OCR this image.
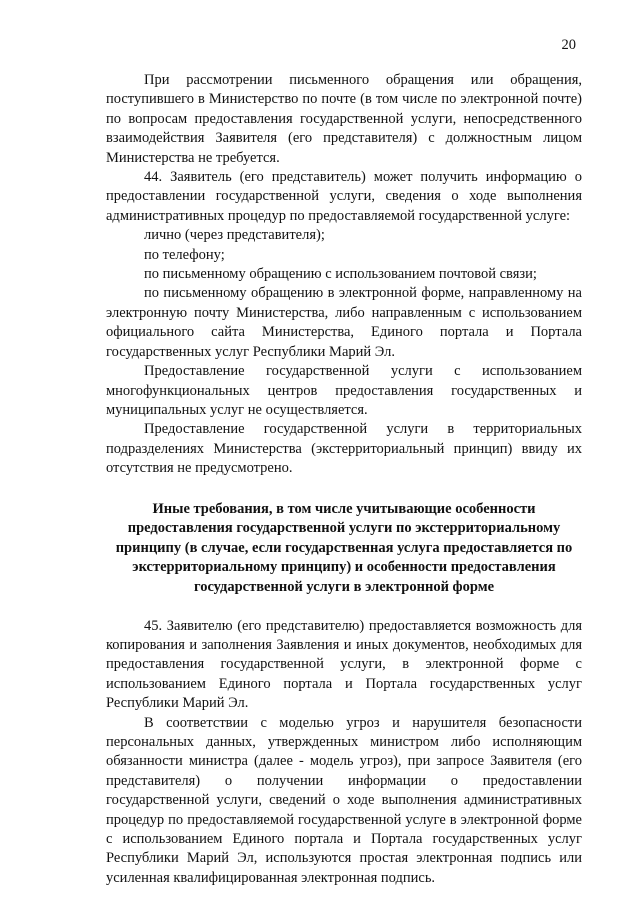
20

При рассмотрении письменного обращения или обращения, поступившего в Министерство по почте (в том числе по электронной почте) по вопросам предоставления государственной услуги, непосредственного взаимодействия Заявителя (его представителя) с должностным лицом Министерства не требуется.

44. Заявитель (его представитель) может получить информацию о предоставлении государственной услуги, сведения о ходе выполнения административных процедур по предоставляемой государственной услуге:

лично (через представителя);

по телефону;

по письменному обращению с использованием почтовой связи;

по письменному обращению в электронной форме, направленному на электронную почту Министерства, либо направленным с использованием официального сайта Министерства, Единого портала и Портала государственных услуг Республики Марий Эл.

Предоставление государственной услуги с использованием многофункциональных центров предоставления государственных и муниципальных услуг не осуществляется.

Предоставление государственной услуги в территориальных подразделениях Министерства (экстерриториальный принцип) ввиду их отсутствия не предусмотрено.

Иные требования, в том числе учитывающие особенности предоставления государственной услуги по экстерриториальному принципу (в случае, если государственная услуга предоставляется по экстерриториальному принципу) и особенности предоставления государственной услуги в электронной форме

45. Заявителю (его представителю) предоставляется возможность для копирования и заполнения Заявления и иных документов, необходимых для предоставления государственной услуги, в электронной форме с использованием Единого портала и Портала государственных услуг Республики Марий Эл.

В соответствии с моделью угроз и нарушителя безопасности персональных данных, утвержденных министром либо исполняющим обязанности министра (далее - модель угроз), при запросе Заявителя (его представителя) о получении информации о предоставлении государственной услуги, сведений о ходе выполнения административных процедур по предоставляемой государственной услуге в электронной форме с использованием Единого портала и Портала государственных услуг Республики Марий Эл, используются простая электронная подпись или усиленная квалифицированная электронная подпись.
